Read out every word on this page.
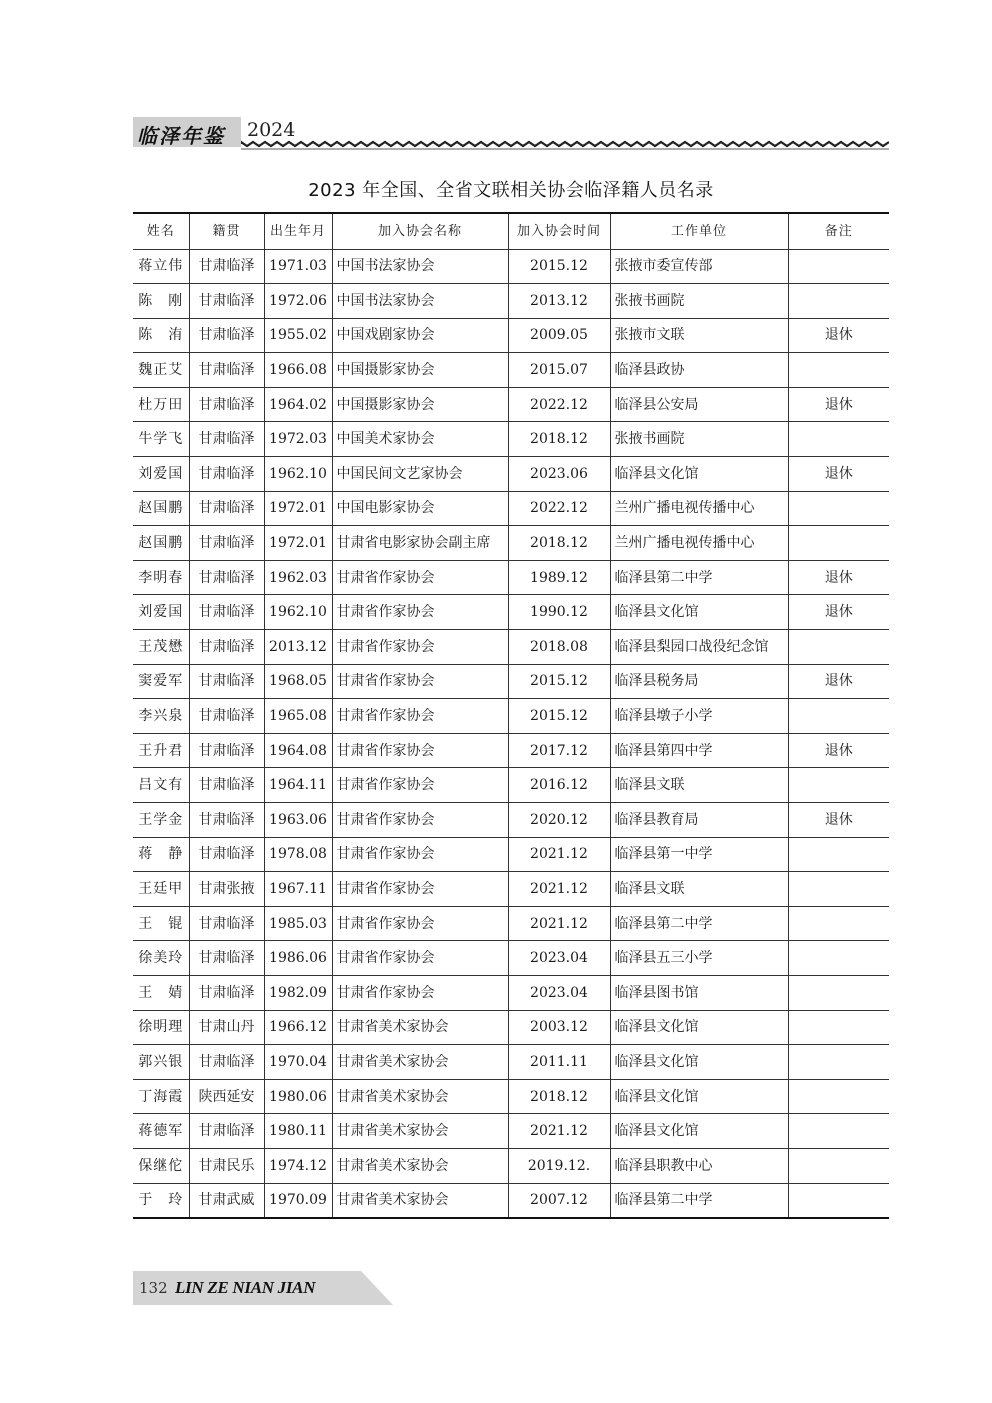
临泽年鉴 2024
2023 年全国、全省文联相关协会临泽籍人员名录
姓名	籍贯	出生年月	加入协会名称	加入协会时间	工作单位	备注
蒋立伟	甘肃临泽	1971.03	中国书法家协会	2015.12	张掖市委宣传部	
陈　刚	甘肃临泽	1972.06	中国书法家协会	2013.12	张掖书画院	
陈　洧	甘肃临泽	1955.02	中国戏剧家协会	2009.05	张掖市文联	退休
魏正艾	甘肃临泽	1966.08	中国摄影家协会	2015.07	临泽县政协	
杜万田	甘肃临泽	1964.02	中国摄影家协会	2022.12	临泽县公安局	退休
牛学飞	甘肃临泽	1972.03	中国美术家协会	2018.12	张掖书画院	
刘爱国	甘肃临泽	1962.10	中国民间文艺家协会	2023.06	临泽县文化馆	退休
赵国鹏	甘肃临泽	1972.01	中国电影家协会	2022.12	兰州广播电视传播中心	
赵国鹏	甘肃临泽	1972.01	甘肃省电影家协会副主席	2018.12	兰州广播电视传播中心	
李明春	甘肃临泽	1962.03	甘肃省作家协会	1989.12	临泽县第二中学	退休
刘爱国	甘肃临泽	1962.10	甘肃省作家协会	1990.12	临泽县文化馆	退休
王茂懋	甘肃临泽	2013.12	甘肃省作家协会	2018.08	临泽县梨园口战役纪念馆	
窦爱军	甘肃临泽	1968.05	甘肃省作家协会	2015.12	临泽县税务局	退休
李兴泉	甘肃临泽	1965.08	甘肃省作家协会	2015.12	临泽县墩子小学	
王升君	甘肃临泽	1964.08	甘肃省作家协会	2017.12	临泽县第四中学	退休
吕文有	甘肃临泽	1964.11	甘肃省作家协会	2016.12	临泽县文联	
王学金	甘肃临泽	1963.06	甘肃省作家协会	2020.12	临泽县教育局	退休
蒋　静	甘肃临泽	1978.08	甘肃省作家协会	2021.12	临泽县第一中学	
王廷甲	甘肃张掖	1967.11	甘肃省作家协会	2021.12	临泽县文联	
王　锟	甘肃临泽	1985.03	甘肃省作家协会	2021.12	临泽县第二中学	
徐美玲	甘肃临泽	1986.06	甘肃省作家协会	2023.04	临泽县五三小学	
王　婧	甘肃临泽	1982.09	甘肃省作家协会	2023.04	临泽县图书馆	
徐明理	甘肃山丹	1966.12	甘肃省美术家协会	2003.12	临泽县文化馆	
郭兴银	甘肃临泽	1970.04	甘肃省美术家协会	2011.11	临泽县文化馆	
丁海霞	陕西延安	1980.06	甘肃省美术家协会	2018.12	临泽县文化馆	
蒋德军	甘肃临泽	1980.11	甘肃省美术家协会	2021.12	临泽县文化馆	
保继佗	甘肃民乐	1974.12	甘肃省美术家协会	2019.12.	临泽县职教中心	
于　玲	甘肃武威	1970.09	甘肃省美术家协会	2007.12	临泽县第二中学	
132 LIN ZE NIAN JIAN
